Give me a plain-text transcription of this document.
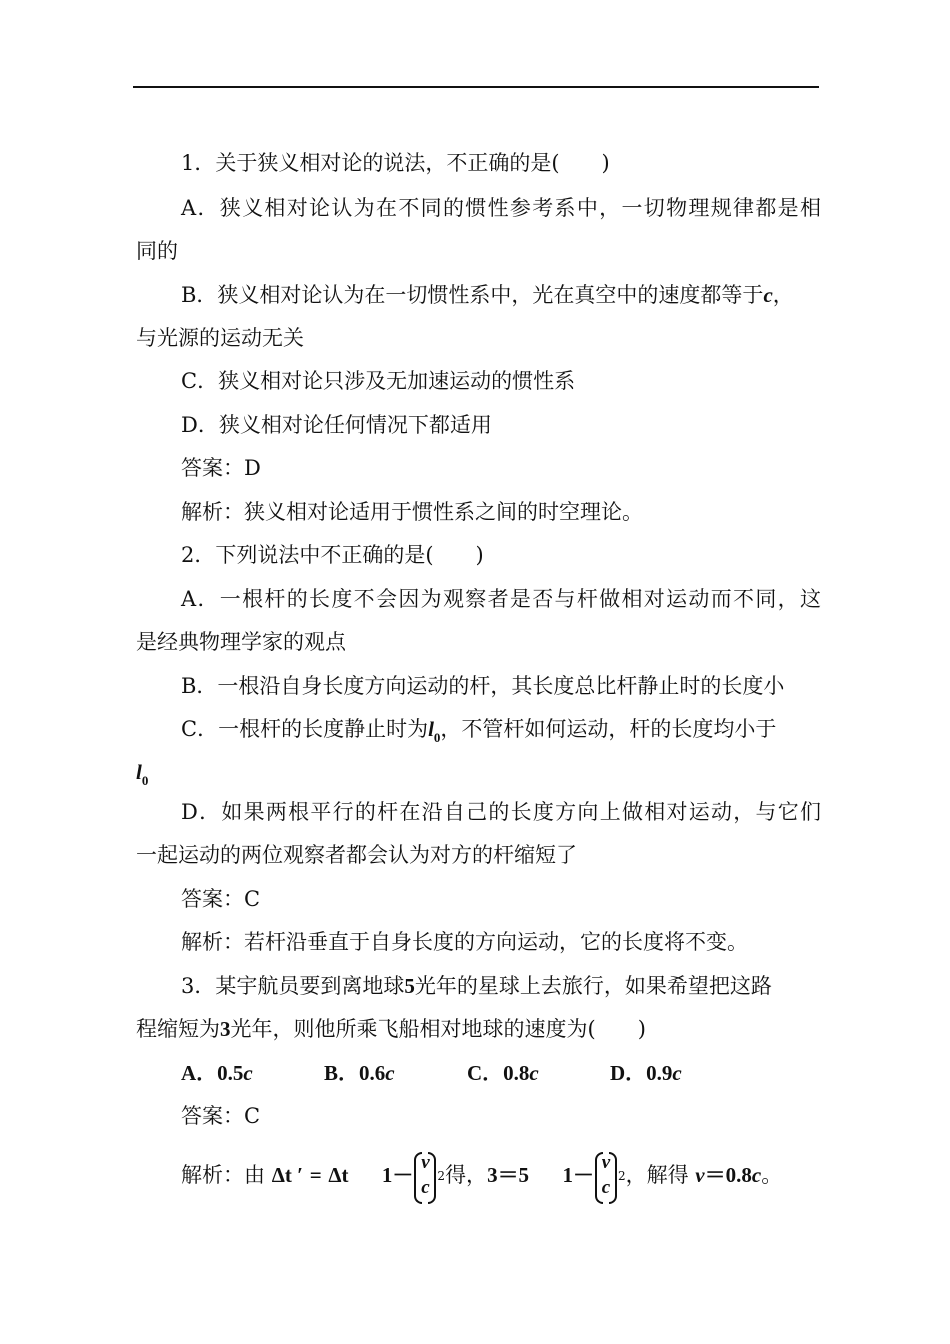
1．关于狭义相对论的说法，不正确的是(　　)
A．狭义相对论认为在不同的惯性参考系中，一切物理规律都是相
同的
B．狭义相对论认为在一切惯性系中，光在真空中的速度都等于c，
与光源的运动无关
C．狭义相对论只涉及无加速运动的惯性系
D．狭义相对论任何情况下都适用
答案：D
解析：狭义相对论适用于惯性系之间的时空理论。
2．下列说法中不正确的是(　　)
A．一根杆的长度不会因为观察者是否与杆做相对运动而不同，这
是经典物理学家的观点
B．一根沿自身长度方向运动的杆，其长度总比杆静止时的长度小
C．一根杆的长度静止时为$l_0$，不管杆如何运动，杆的长度均小于
$l_0$
D．如果两根平行的杆在沿自己的长度方向上做相对运动，与它们
一起运动的两位观察者都会认为对方的杆缩短了
答案：C
解析：若杆沿垂直于自身长度的方向运动，它的长度将不变。
3．某宇航员要到离地球5光年的星球上去旅行，如果希望把这路
程缩短为3光年，则他所乘飞船相对地球的速度为(　　)
A．0.5c	B．0.6c	C．0.8c	D．0.9c
答案：C
解析：由 Δt ′ = Δt 1－
v
c
2得，3＝5 1－
v
c
2，解得 v＝0.8c。
